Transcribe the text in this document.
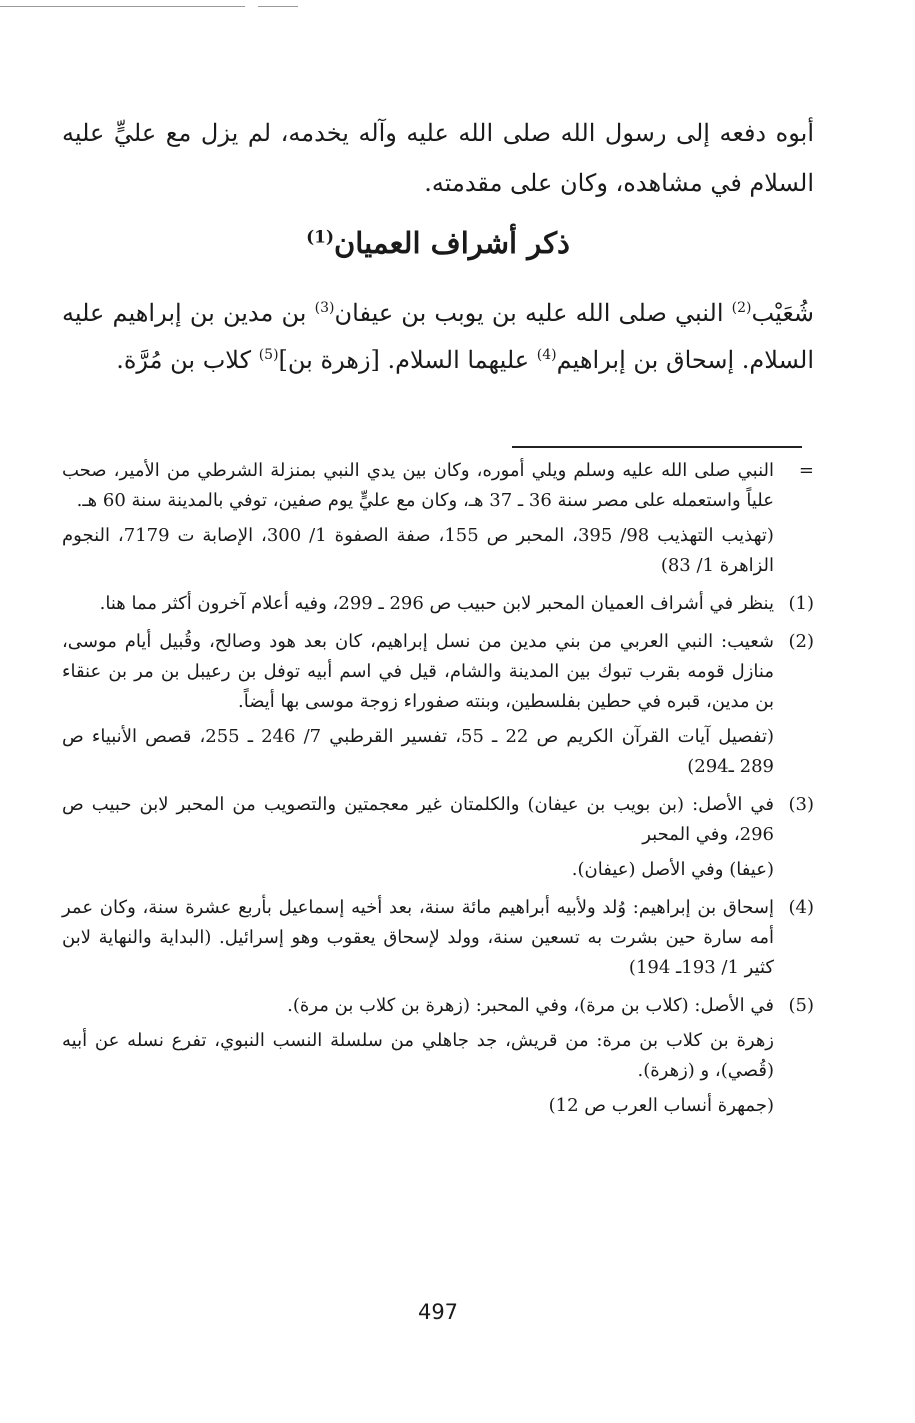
أبوه دفعه إلى رسول الله صلى الله عليه وآله يخدمه، لم يزل مع عليٍّ عليه السلام في مشاهده، وكان على مقدمته.

ذكر أشراف العميان$^{(1)}$

شُعَيْب$^{(2)}$ النبي صلى الله عليه بن يوبب بن عيفان$^{(3)}$ بن مدين بن إبراهيم عليه السلام. إسحاق بن إبراهيم$^{(4)}$ عليهما السلام. [زهرة بن]$^{(5)}$ كلاب بن مُرَّة.

=

النبي صلى الله عليه وسلم ويلي أموره، وكان بين يدي النبي بمنزلة الشرطي من الأمير، صحب علياً واستعمله على مصر سنة 36 ـ 37 هـ، وكان مع عليٍّ يوم صفين، توفي بالمدينة سنة 60 هـ.

(تهذيب التهذيب 98/ 395، المحبر ص 155، صفة الصفوة 1/ 300، الإصابة ت 7179، النجوم الزاهرة 1/ 83)

(1)

ينظر في أشراف العميان المحبر لابن حبيب ص 296 ـ 299، وفيه أعلام آخرون أكثر مما هنا.

(2)

شعيب: النبي العربي من بني مدين من نسل إبراهيم، كان بعد هود وصالح، وقُبيل أيام موسى، منازل قومه بقرب تبوك بين المدينة والشام، قيل في اسم أبيه توفل بن رعيبل بن مر بن عنقاء بن مدين، قبره في حطين بفلسطين، وبنته صفوراء زوجة موسى بها أيضاً.

(تفصيل آيات القرآن الكريم ص 22 ـ 55، تفسير القرطبي 7/ 246 ـ 255، قصص الأنبياء ص 289 ـ294)

(3)

في الأصل: (بن بويب بن عيفان) والكلمتان غير معجمتين والتصويب من المحبر لابن حبيب ص 296، وفي المحبر

(عيفا) وفي الأصل (عيفان).

(4)

إسحاق بن إبراهيم: وُلد ولأبيه أبراهيم مائة سنة، بعد أخيه إسماعيل بأربع عشرة سنة، وكان عمر أمه سارة حين بشرت به تسعين سنة، وولد لإسحاق يعقوب وهو إسرائيل. (البداية والنهاية لابن كثير 1/ 193ـ 194)

(5)

في الأصل: (كلاب بن مرة)، وفي المحبر: (زهرة بن كلاب بن مرة).

زهرة بن كلاب بن مرة: من قريش، جد جاهلي من سلسلة النسب النبوي، تفرع نسله عن أبيه (قُصي)، و (زهرة).

(جمهرة أنساب العرب ص 12)

497
